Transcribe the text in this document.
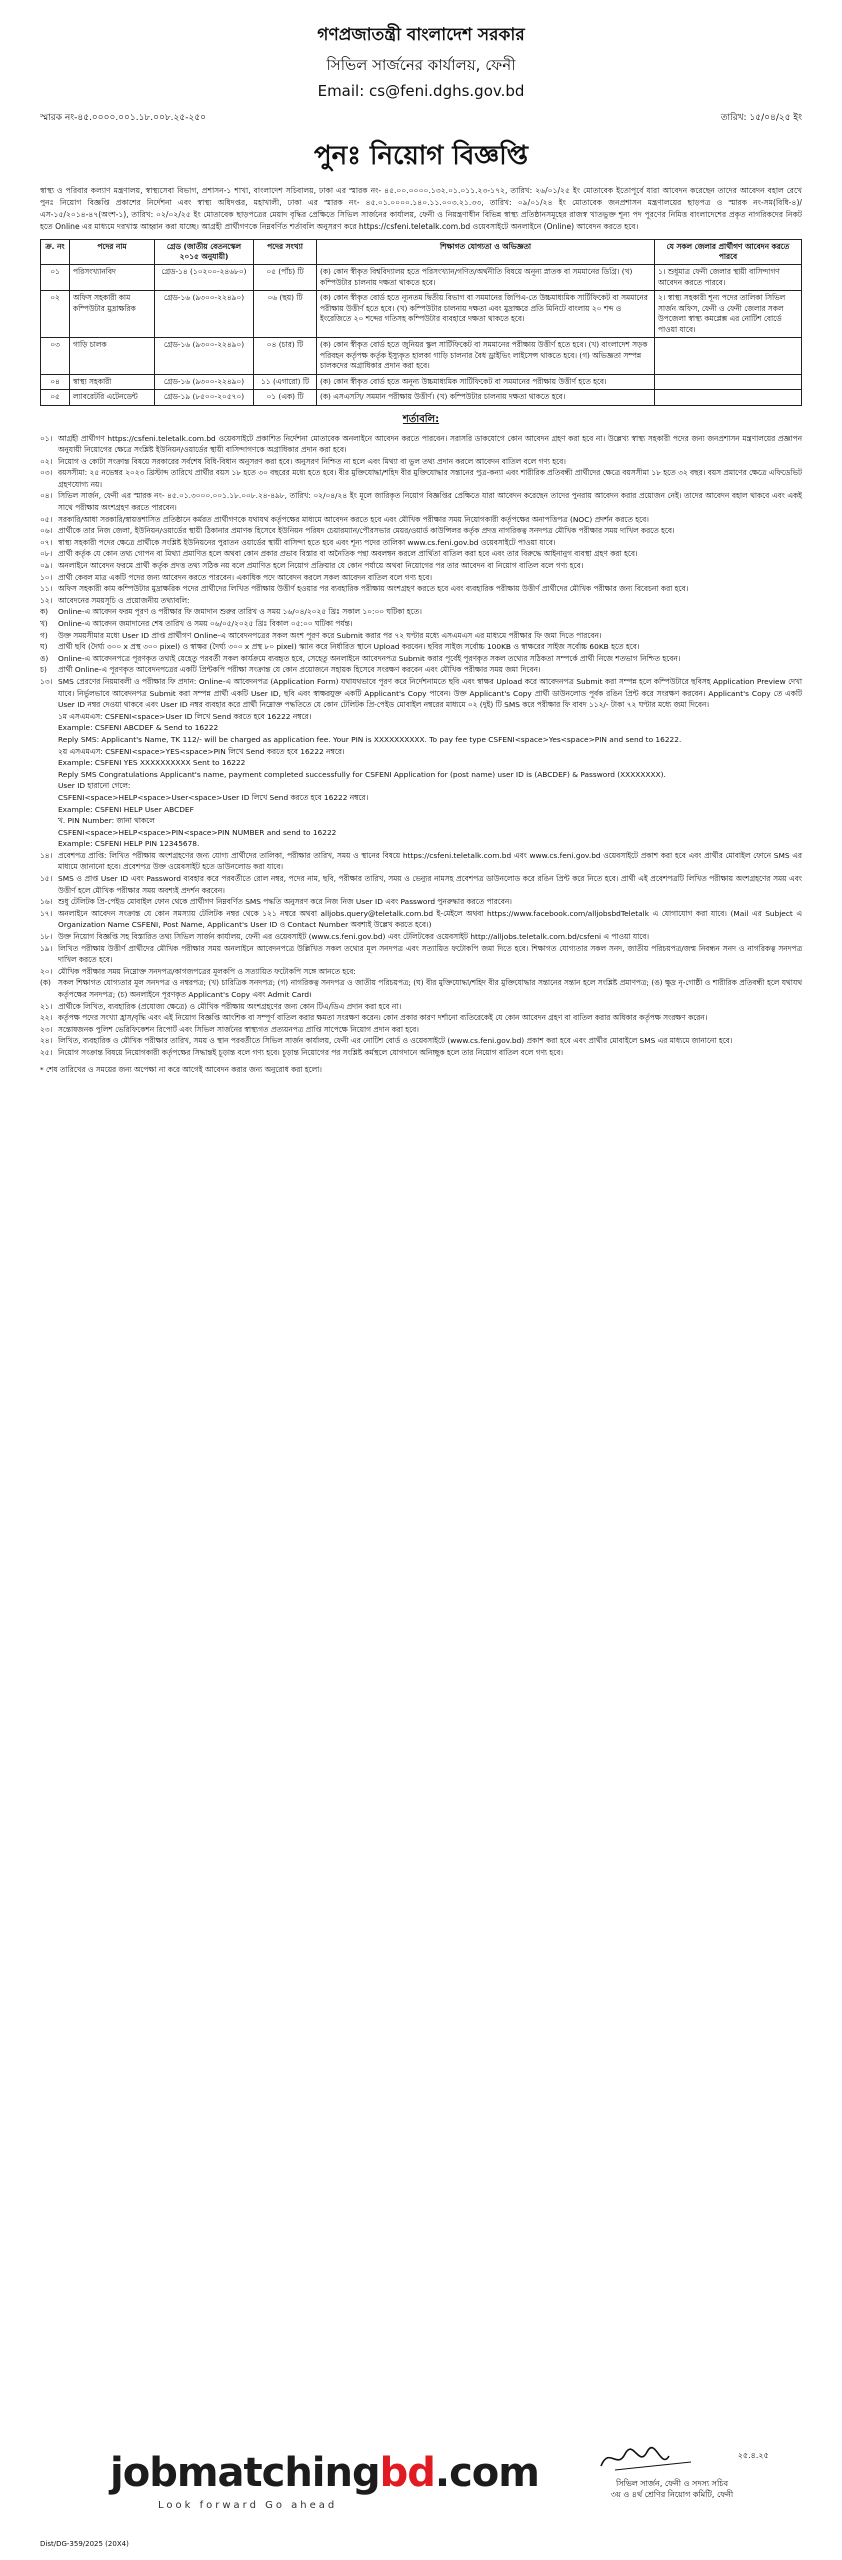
গণপ্রজাতন্ত্রী বাংলাদেশ সরকার
সিভিল সার্জনের কার্যালয়, ফেনী
Email: cs@feni.dghs.gov.bd
স্মারক নং-৪৫.০০০০.০০১.১৮.০০৮.২৫-২৫০	তারিখ: ১৫/০৪/২৫ ইং
পুনঃ নিয়োগ বিজ্ঞপ্তি
স্বাস্থ্য ও পরিবার কল্যাণ মন্ত্রণালয়, স্বাস্থ্যসেবা বিভাগ, প্রশাসন-১ শাখা, বাংলাদেশ সচিবালয়, ঢাকা এর স্মারক নং- ৪৫.০০.০০০০.১৩২.০১.০১১.২৩-১৭২, তারিখ: ২৬/০১/২৫ ইং মোতাবেক ইতোপূর্বে যারা আবেদন করেছেন তাদের আবেদন বহাল রেখে পুনঃ নিয়োগ বিজ্ঞপ্তি প্রকাশের নির্দেশনা এবং স্বাস্থ্য অধিদপ্তর, মহাখালী, ঢাকা এর স্মারক নং- ৪৫.০১.০০০০.১৪০.১১.০০৩.২১.৩৩, তারিখ: ০৯/০১/২৪ ইং মোতাবেক জনপ্রশাসন মন্ত্রণালয়ের ছাড়পত্র ও স্মারক নং-সম(বিধি-৪)/এস-১৫/২০১৪-৪৭(অংশ-১), তারিখ: ০২/০২/২৫ ইং মোতাবেক ছাড়পত্রের মেয়াদ বৃদ্ধির প্রেক্ষিতে সিভিল সার্জনের কার্যালয়, ফেনী ও নিয়ন্ত্রণাধীন বিভিন্ন স্বাস্থ্য প্রতিষ্ঠানসমূহের রাজস্ব খাতভুক্ত শূন্য পদ পূরণের নিমিত্ত বাংলাদেশের প্রকৃত নাগরিকদের নিকট হতে Online এর মাধ্যমে দরখাস্ত আহ্বান করা যাচ্ছে। আগ্রহী প্রার্থীগণকে নিম্নবর্ণিত শর্তাবলি অনুসরণ করে https://csfeni.teletalk.com.bd ওয়েবসাইটে অনলাইনে (Online) আবেদন করতে হবে।
ক্র. নং	পদের নাম	গ্রেড (জাতীয় বেতনস্কেল ২০১৫ অনুযায়ী)	পদের সংখ্যা	শিক্ষাগত যোগ্যতা ও অভিজ্ঞতা	যে সকল জেলার প্রার্থীগণ আবেদন করতে পারবে
০১	পরিসংখ্যানবিদ	গ্রেড-১৪ (১০২০০-২৪৬৮০)	০৫ (পাঁচ) টি	(ক) কোন স্বীকৃত বিশ্ববিদ্যালয় হতে পরিসংখ্যান/গণিত/অর্থনীতি বিষয়ে অনূন্য স্নাতক বা সমমানের ডিগ্রি। (খ) কম্পিউটার চালনায় দক্ষতা থাকতে হবে।	১। শুধুমাত্র ফেনী জেলার স্থায়ী বাসিন্দাগণ আবেদন করতে পারবে।
০২	অফিস সহকারী কাম কম্পিউটার মুদ্রাক্ষরিক	গ্রেড-১৬ (৯৩০০-২২৪৯০)	০৬ (ছয়) টি	(ক) কোন স্বীকৃত বোর্ড হতে ন্যূনতম দ্বিতীয় বিভাগ বা সমমানের জিপিএ-তে উচ্চমাধ্যমিক সার্টিফিকেট বা সমমানের পরীক্ষায় উত্তীর্ণ হতে হবে। (খ) কম্পিউটার চালনায় দক্ষতা এবং মুদ্রাক্ষরে প্রতি মিনিটে বাংলায় ২০ শব্দ ও ইংরেজিতে ২০ শব্দের গতিসহ কম্পিউটার ব্যবহারে দক্ষতা থাকতে হবে।	২। স্বাস্থ্য সহকারী শূন্য পদের তালিকা সিভিল সার্জন অফিস, ফেনী ও ফেনী জেলার সকল উপজেলা স্বাস্থ্য কমপ্লেক্স এর নোটিশ বোর্ডে পাওয়া যাবে।
০৩	গাড়ি চালক	গ্রেড-১৬ (৯৩০০-২২৪৯০)	০৪ (চার) টি	(ক) কোন স্বীকৃত বোর্ড হতে জুনিয়র স্কুল সার্টিফিকেট বা সমমানের পরীক্ষায় উত্তীর্ণ হতে হবে। (খ) বাংলাদেশ সড়ক পরিবহন কর্তৃপক্ষ কর্তৃক ইস্যুকৃত হালকা গাড়ি চালনার বৈধ ড্রাইভিং লাইসেন্স থাকতে হবে। (গ) অভিজ্ঞতা সম্পন্ন চালকদের অগ্রাধিকার প্রদান করা হবে।	
০৪	স্বাস্থ্য সহকারী	গ্রেড-১৬ (৯৩০০-২২৪৯০)	১১ (এগারো) টি	(ক) কোন স্বীকৃত বোর্ড হতে অনূন্য উচ্চমাধ্যমিক সার্টিফিকেট বা সমমানের পরীক্ষায় উত্তীর্ণ হতে হবে।	
০৫	ল্যাবরেটরি এটেনডেন্ট	গ্রেড-১৯ (৮৫০০-২০৫৭০)	০১ (এক) টি	(ক) এসএসসি/ সমমান পরীক্ষায় উত্তীর্ণ। (খ) কম্পিউটার চালনায় দক্ষতা থাকতে হবে।	
শর্তাবলি:
০১। আগ্রহী প্রার্থীগণ https://csfeni.teletalk.com.bd ওয়েবসাইটে প্রকাশিত নির্দেশনা মোতাবেক অনলাইনে আবেদন করতে পারবেন। সরাসরি ডাকযোগে কোন আবেদন গ্রহণ করা হবে না। উল্লেখ্য স্বাস্থ্য সহকারী পদের জন্য জনপ্রশাসন মন্ত্রণালয়ের প্রজ্ঞাপন অনুযায়ী নিয়োগের ক্ষেত্রে সংশ্লিষ্ট ইউনিয়ন/ওয়ার্ডের স্থায়ী বাসিন্দাগণকে অগ্রাধিকার প্রদান করা হবে।
০২। নিয়োগ ও কোটা সংক্রান্ত বিষয়ে সরকারের সর্বশেষ বিধি-বিধান অনুসরণ করা হবে। অনুসরণ নিশ্চিত না হলে এবং মিথ্যা বা ভুল তথ্য প্রদান করলে আবেদন বাতিল বলে গণ্য হবে।
০৩। বয়সসীমা: ২৫ নভেম্বর ২০২৩ খ্রিস্টাব্দ তারিখে প্রার্থীর বয়স ১৮ হতে ৩০ বছরের মধ্যে হতে হবে। বীর মুক্তিযোদ্ধা/শহিদ বীর মুক্তিযোদ্ধার সন্তানের পুত্র-কন্যা এবং শারীরিক প্রতিবন্ধী প্রার্থীদের ক্ষেত্রে বয়সসীমা ১৮ হতে ৩২ বছর। বয়স প্রমাণের ক্ষেত্রে এফিডেভিট গ্রহণযোগ্য নয়।
০৪। সিভিল সার্জন, ফেনী এর স্মারক নং- ৪৫.০১.৩০০০.০০১.১৮.০০৮.২৪-৪৯৮, তারিখ: ০২/০৪/২৪ ইং মূলে জারিকৃত নিয়োগ বিজ্ঞপ্তির প্রেক্ষিতে যারা আবেদন করেছেন তাদের পুনরায় আবেদন করার প্রয়োজন নেই। তাদের আবেদন বহাল থাকবে এবং একই সাথে পরীক্ষায় অংশগ্রহণ করতে পারবেন।
০৫। সরকারি/আধা সরকারি/স্বায়ত্তশাসিত প্রতিষ্ঠানে কর্মরত প্রার্থীগণকে যথাযথ কর্তৃপক্ষের মাধ্যমে আবেদন করতে হবে এবং মৌখিক পরীক্ষার সময় নিয়োগকারী কর্তৃপক্ষের অনাপত্তিপত্র (NOC) প্রদর্শন করতে হবে।
০৬। প্রার্থীকে তার নিজ জেলা, ইউনিয়ন/ওয়ার্ডের স্থায়ী ঠিকানার প্রমাণক হিসেবে ইউনিয়ন পরিষদ চেয়ারম্যান/পৌরসভার মেয়র/ওয়ার্ড কাউন্সিলর কর্তৃক প্রদত্ত নাগরিকত্ব সনদপত্র মৌখিক পরীক্ষার সময় দাখিল করতে হবে।
০৭। স্বাস্থ্য সহকারী পদের ক্ষেত্রে প্রার্থীকে সংশ্লিষ্ট ইউনিয়নের পুরাতন ওয়ার্ডের স্থায়ী বাসিন্দা হতে হবে এবং শূন্য পদের তালিকা www.cs.feni.gov.bd ওয়েবসাইটে পাওয়া যাবে।
০৮। প্রার্থী কর্তৃক যে কোন তথ্য গোপন বা মিথ্যা প্রমাণিত হলে অথবা কোন প্রকার প্রভাব বিস্তার বা অনৈতিক পন্থা অবলম্বন করলে প্রার্থিতা বাতিল করা হবে এবং তার বিরুদ্ধে আইনানুগ ব্যবস্থা গ্রহণ করা হবে।
০৯। অনলাইনে আবেদন ফরমে প্রার্থী কর্তৃক প্রদত্ত তথ্য সঠিক নয় বলে প্রমাণিত হলে নিয়োগ প্রক্রিয়ার যে কোন পর্যায়ে অথবা নিয়োগের পর তার আবেদন বা নিয়োগ বাতিল বলে গণ্য হবে।
১০। প্রার্থী কেবল মাত্র একটি পদের জন্য আবেদন করতে পারবেন। একাধিক পদে আবেদন করলে সকল আবেদন বাতিল বলে গণ্য হবে।
১১। অফিস সহকারী কাম কম্পিউটার মুদ্রাক্ষরিক পদের প্রার্থীদের লিখিত পরীক্ষায় উত্তীর্ণ হওয়ার পর ব্যবহারিক পরীক্ষায় অংশগ্রহণ করতে হবে এবং ব্যবহারিক পরীক্ষায় উত্তীর্ণ প্রার্থীদের মৌখিক পরীক্ষার জন্য বিবেচনা করা হবে।
১২। আবেদনের সময়সূচি ও প্রয়োজনীয় তথ্যাবলি:
ক)	Online-এ আবেদন ফরম পূরণ ও পরীক্ষার ফি জমাদান শুরুর তারিখ ও সময় ১৬/০৪/২০২৫ খ্রিঃ সকাল ১০:০০ ঘটিকা হতে।
খ)	Online-এ আবেদন জমাদানের শেষ তারিখ ও সময় ০৬/০৫/২০২৫ খ্রিঃ বিকাল ০৫:০০ ঘটিকা পর্যন্ত।
গ)	উক্ত সময়সীমার মধ্যে User ID প্রাপ্ত প্রার্থীগণ Online-এ আবেদনপত্রের সকল অংশ পূরণ করে Submit করার পর ৭২ ঘণ্টার মধ্যে এসএমএস এর মাধ্যমে পরীক্ষার ফি জমা দিতে পারবেন।
ঘ)	প্রার্থী ছবি (দৈর্ঘ্য ৩০০ x প্রস্থ ৩০০ pixel) ও স্বাক্ষর (দৈর্ঘ্য ৩০০ x প্রস্থ ৮০ pixel) স্ক্যান করে নির্ধারিত স্থানে Upload করবেন। ছবির সাইজ সর্বোচ্চ 100KB ও স্বাক্ষরের সাইজ সর্বোচ্চ 60KB হতে হবে।
ঙ)	Online-এ আবেদনপত্রে পূরণকৃত তথ্যই যেহেতু পরবর্তী সকল কার্যক্রমে ব্যবহৃত হবে, সেহেতু অনলাইনে আবেদনপত্র Submit করার পূর্বেই পূরণকৃত সকল তথ্যের সঠিকতা সম্পর্কে প্রার্থী নিজে শতভাগ নিশ্চিত হবেন।
চ)	প্রার্থী Online-এ পূরণকৃত আবেদনপত্রের একটি প্রিন্টকপি পরীক্ষা সংক্রান্ত যে কোন প্রয়োজনে সহায়ক হিসেবে সংরক্ষণ করবেন এবং মৌখিক পরীক্ষার সময় জমা দিবেন।
১৩। SMS প্রেরণের নিয়মাবলী ও পরীক্ষার ফি প্রদান: Online-এ আবেদনপত্র (Application Form) যথাযথভাবে পূরণ করে নির্দেশনামতে ছবি এবং স্বাক্ষর Upload করে আবেদনপত্র Submit করা সম্পন্ন হলে কম্পিউটারে ছবিসহ Application Preview দেখা যাবে। নির্ভুলভাবে আবেদনপত্র Submit করা সম্পন্ন প্রার্থী একটি User ID, ছবি এবং স্বাক্ষরযুক্ত একটি Applicant's Copy পাবেন। উক্ত Applicant's Copy প্রার্থী ডাউনলোড পূর্বক রঙিন প্রিন্ট করে সংরক্ষণ করবেন। Applicant's Copy তে একটি User ID নম্বর দেওয়া থাকবে এবং User ID নম্বর ব্যবহার করে প্রার্থী নিম্নোক্ত পদ্ধতিতে যে কোন টেলিটক প্রি-পেইড মোবাইল নম্বরের মাধ্যমে ০২ (দুই) টি SMS করে পরীক্ষার ফি বাবদ ১১২/- টাকা ৭২ ঘণ্টার মধ্যে জমা দিবেন।
১ম এসএমএস: CSFENI<space>User ID লিখে Send করতে হবে 16222 নম্বরে।
Example: CSFENI ABCDEF & Send to 16222
Reply SMS: Applicant's Name, TK 112/- will be charged as application fee. Your PIN is XXXXXXXXXX. To pay fee type CSFENI<space>Yes<space>PIN and send to 16222.
২য় এসএমএস: CSFENI<space>YES<space>PIN লিখে Send করতে হবে 16222 নম্বরে।
Example: CSFENI YES XXXXXXXXXX Sent to 16222
Reply SMS Congratulations Applicant's name, payment completed successfully for CSFENI Application for (post name) user ID is (ABCDEF) & Password (XXXXXXXX).
User ID হারানো গেলে:
CSFENI<space>HELP<space>User<space>User ID লিখে Send করতে হবে 16222 নম্বরে।
Example: CSFENI HELP User ABCDEF
খ. PIN Number: জানা থাকলে
CSFENI<space>HELP<space>PIN<space>PIN NUMBER and send to 16222
Example: CSFENI HELP PIN 12345678.
১৪। প্রবেশপত্র প্রাপ্তি: লিখিত পরীক্ষায় অংশগ্রহণের জন্য যোগ্য প্রার্থীদের তালিকা, পরীক্ষার তারিখ, সময় ও স্থানের বিষয়ে https://csfeni.teletalk.com.bd এবং www.cs.feni.gov.bd ওয়েবসাইটে প্রকাশ করা হবে এবং প্রার্থীর মোবাইল ফোনে SMS এর মাধ্যমে জানানো হবে। প্রবেশপত্র উক্ত ওয়েবসাইট হতে ডাউনলোড করা যাবে।
১৫। SMS ও প্রাপ্ত User ID এবং Password ব্যবহার করে পরবর্তীতে রোল নম্বর, পদের নাম, ছবি, পরীক্ষার তারিখ, সময় ও ভেন্যুর নামসহ প্রবেশপত্র ডাউনলোড করে রঙিন প্রিন্ট করে নিতে হবে। প্রার্থী এই প্রবেশপত্রটি লিখিত পরীক্ষায় অংশগ্রহণের সময় এবং উত্তীর্ণ হলে মৌখিক পরীক্ষার সময় অবশ্যই প্রদর্শন করবেন।
১৬। শুধু টেলিটক প্রি-পেইড মোবাইল ফোন থেকে প্রার্থীগণ নিম্নবর্ণিত SMS পদ্ধতি অনুসরণ করে নিজ নিজ User ID এবং Password পুনরুদ্ধার করতে পারবেন।
১৭। অনলাইনে আবেদন সংক্রান্ত যে কোন সমস্যায় টেলিটক নম্বর থেকে ১২১ নম্বরে অথবা alljobs.query@teletalk.com.bd ই-মেইলে অথবা https://www.facebook.com/alljobsbdTeletalk এ যোগাযোগ করা যাবে। (Mail এর Subject এ Organization Name CSFENI, Post Name, Applicant's User ID ও Contact Number অবশ্যই উল্লেখ করতে হবে।)
১৮। উক্ত নিয়োগ বিজ্ঞপ্তি সহ বিস্তারিত তথ্য সিভিল সার্জন কার্যালয়, ফেনী এর ওয়েবসাইট (www.cs.feni.gov.bd) এবং টেলিটকের ওয়েবসাইট http://alljobs.teletalk.com.bd/csfeni এ পাওয়া যাবে।
১৯। লিখিত পরীক্ষায় উত্তীর্ণ প্রার্থীদের মৌখিক পরীক্ষার সময় অনলাইনে আবেদনপত্রে উল্লিখিত সকল তথ্যের মূল সনদপত্র এবং সত্যায়িত ফটোকপি জমা দিতে হবে। শিক্ষাগত যোগ্যতার সকল সনদ, জাতীয় পরিচয়পত্র/জন্ম নিবন্ধন সনদ ও নাগরিকত্ব সনদপত্র দাখিল করতে হবে।
২০। মৌখিক পরীক্ষার সময় নিম্নোক্ত সনদপত্র/কাগজপত্রের মূলকপি ও সত্যায়িত ফটোকপি সঙ্গে আনতে হবে:
(ক) সকল শিক্ষাগত যোগ্যতার মূল সনদপত্র ও নম্বরপত্র; (খ) চারিত্রিক সনদপত্র; (গ) নাগরিকত্ব সনদপত্র ও জাতীয় পরিচয়পত্র; (ঘ) বীর মুক্তিযোদ্ধা/শহিদ বীর মুক্তিযোদ্ধার সন্তানের সন্তান হলে সংশ্লিষ্ট প্রমাণপত্র; (ঙ) ক্ষুদ্র নৃ-গোষ্ঠী ও শারীরিক প্রতিবন্ধী হলে যথাযথ কর্তৃপক্ষের সনদপত্র; (চ) অনলাইনে পূরণকৃত Applicant's Copy এবং Admit Card।
২১। প্রার্থীকে লিখিত, ব্যবহারিক (প্রযোজ্য ক্ষেত্রে) ও মৌখিক পরীক্ষায় অংশগ্রহণের জন্য কোন টিএ/ডিএ প্রদান করা হবে না।
২২। কর্তৃপক্ষ পদের সংখ্যা হ্রাস/বৃদ্ধি এবং এই নিয়োগ বিজ্ঞপ্তি আংশিক বা সম্পূর্ণ বাতিল করার ক্ষমতা সংরক্ষণ করেন। কোন প্রকার কারণ দর্শানো ব্যতিরেকেই যে কোন আবেদন গ্রহণ বা বাতিল করার অধিকার কর্তৃপক্ষ সংরক্ষণ করেন।
২৩। সন্তোষজনক পুলিশ ভেরিফিকেশন রিপোর্ট এবং সিভিল সার্জনের স্বাস্থ্যগত প্রত্যয়নপত্র প্রাপ্তি সাপেক্ষে নিয়োগ প্রদান করা হবে।
২৪। লিখিত, ব্যবহারিক ও মৌখিক পরীক্ষার তারিখ, সময় ও স্থান পরবর্তীতে সিভিল সার্জন কার্যালয়, ফেনী এর নোটিশ বোর্ড ও ওয়েবসাইটে (www.cs.feni.gov.bd) প্রকাশ করা হবে এবং প্রার্থীর মোবাইলে SMS এর মাধ্যমে জানানো হবে।
২৫। নিয়োগ সংক্রান্ত বিষয়ে নিয়োগকারী কর্তৃপক্ষের সিদ্ধান্তই চূড়ান্ত বলে গণ্য হবে। চূড়ান্ত নিয়োগের পর সংশ্লিষ্ট কর্মস্থলে যোগদানে অনিচ্ছুক হলে তার নিয়োগ বাতিল বলে গণ্য হবে।
* শেষ তারিখের ও সময়ের জন্য অপেক্ষা না করে আগেই আবেদন করার জন্য অনুরোধ করা হলো।
jobmatchingbd.com
Look forward Go ahead
২৫.৪.২৫
সিভিল সার্জন, ফেনী ও সদস্য সচিব
৩য় ও ৪র্থ শ্রেণির নিয়োগ কমিটি, ফেনী
Dist/DG-359/2025 (20X4)
